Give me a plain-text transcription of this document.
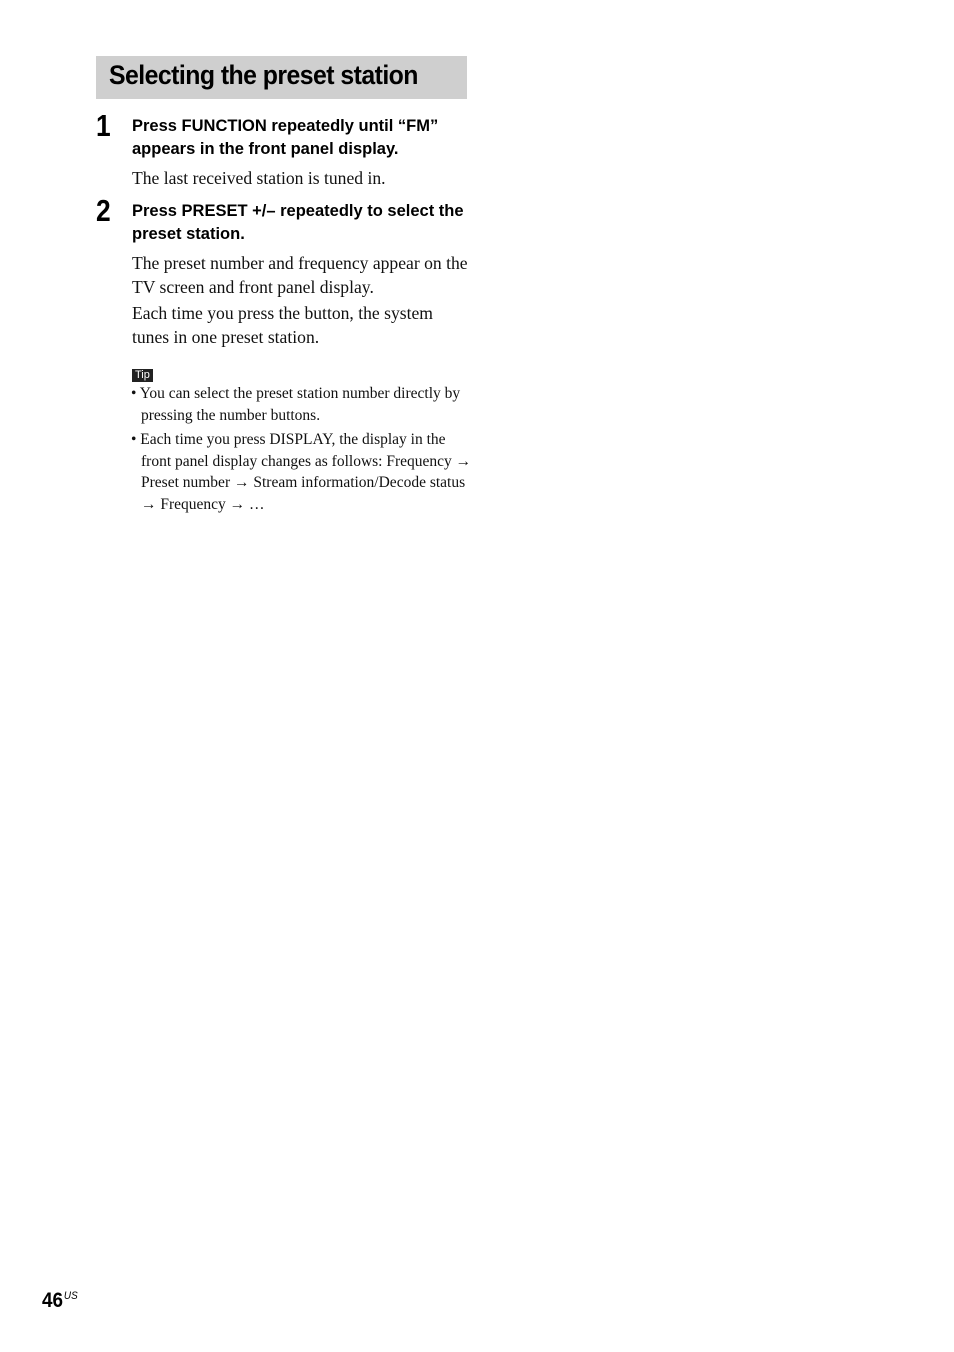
Selecting the preset station
1 Press FUNCTION repeatedly until “FM” appears in the front panel display.

The last received station is tuned in.

2 Press PRESET +/– repeatedly to select the preset station.

The preset number and frequency appear on the TV screen and front panel display.

Each time you press the button, the system tunes in one preset station.

Tip

• You can select the preset station number directly by pressing the number buttons.

• Each time you press DISPLAY, the display in the front panel display changes as follows: Frequency → Preset number → Stream information/Decode status → Frequency → …

$46^{US}$
